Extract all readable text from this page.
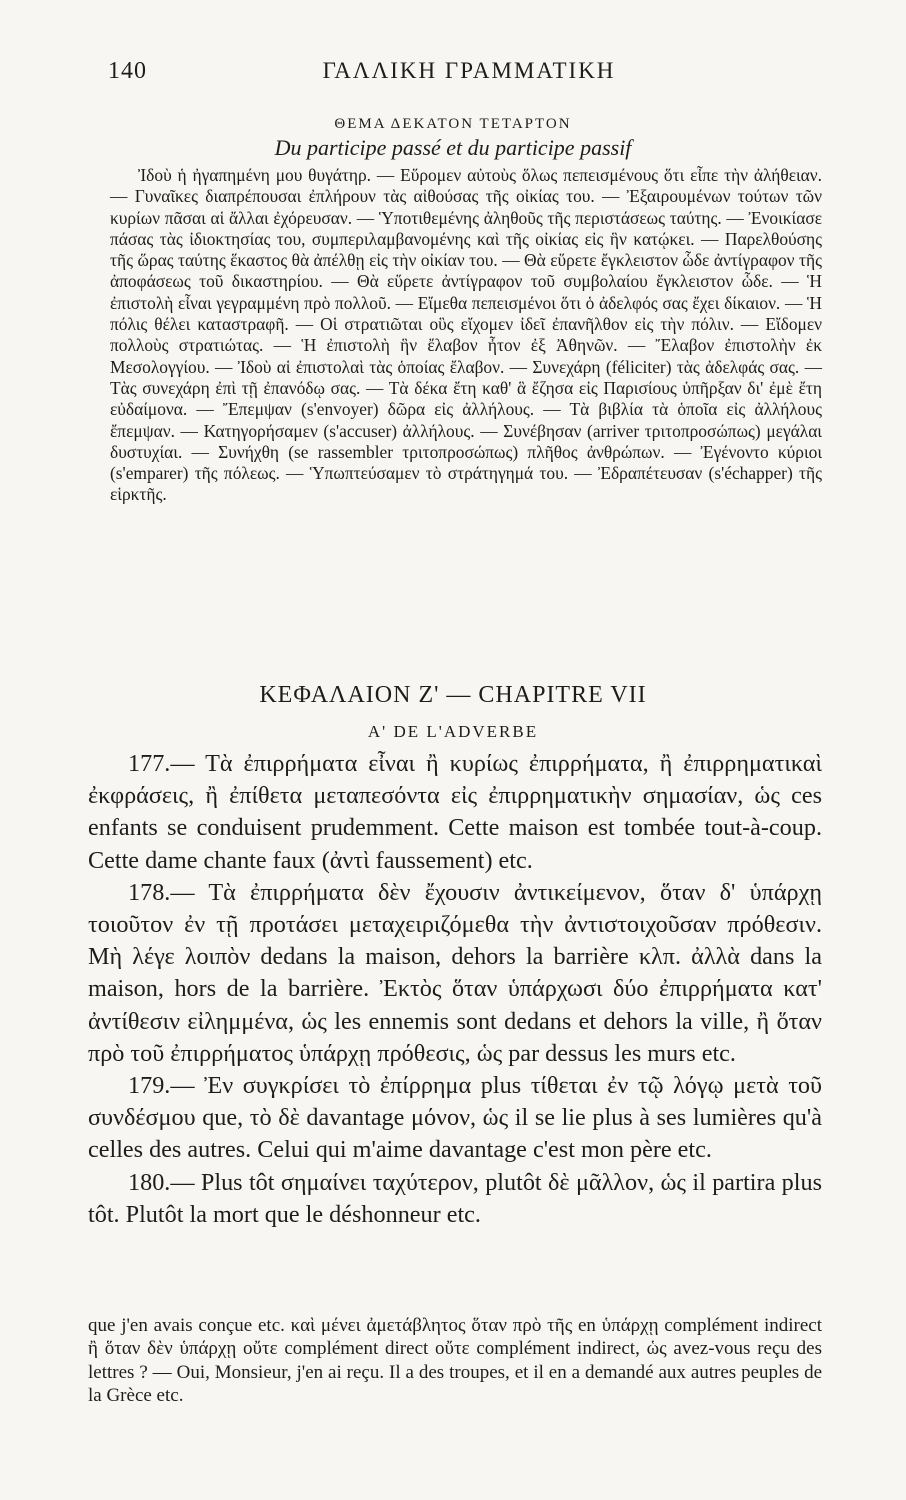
140	ΓΑΛΛΙΚΗ ΓΡΑΜΜΑΤΙΚΗ
ΘΕΜΑ ΔΕΚΑΤΟΝ ΤΕΤΑΡΤΟΝ
Du participe passé et du participe passif

Ἰδοὺ ἡ ἠγαπημένη μου θυγάτηρ. — Εὕρομεν αὐτοὺς ὅλως πεπεισμένους ὅτι εἶπε τὴν ἀλήθειαν. — Γυναῖκες διαπρέπουσαι ἐπλήρουν τὰς αἰθούσας τῆς οἰκίας του. — Ἐξαιρουμένων τούτων τῶν κυρίων πᾶσαι αἱ ἄλλαι ἐχόρευσαν. — Ὑποτιθεμένης ἀληθοῦς τῆς περιστάσεως ταύτης. — Ἐνοικίασε πάσας τὰς ἰδιοκτησίας του, συμπεριλαμβανομένης καὶ τῆς οἰκίας εἰς ἣν κατῴκει. — Παρελθούσης τῆς ὥρας ταύτης ἕκαστος θὰ ἀπέλθῃ εἰς τὴν οἰκίαν του. — Θὰ εὕρετε ἔγκλειστον ὧδε ἀντίγραφον τῆς ἀποφάσεως τοῦ δικαστηρίου. — Θὰ εὕρετε ἀντίγραφον τοῦ συμβολαίου ἔγκλειστον ὧδε. — Ἡ ἐπιστολὴ εἶναι γεγραμμένη πρὸ πολλοῦ. — Εἴμεθα πεπεισμένοι ὅτι ὁ ἀδελφός σας ἔχει δίκαιον. — Ἡ πόλις θέλει καταστραφῆ. — Οἱ στρατιῶται οὓς εἴχομεν ἰδεῖ ἐπανῆλθον εἰς τὴν πόλιν. — Εἴδομεν πολλοὺς στρατιώτας. — Ἡ ἐπιστολὴ ἣν ἔλαβον ἦτον ἐξ Ἀθηνῶν. — Ἔλαβον ἐπιστολὴν ἐκ Μεσολογγίου. — Ἰδοὺ αἱ ἐπιστολαὶ τὰς ὁποίας ἔλαβον. — Συνεχάρη (féliciter) τὰς ἀδελφάς σας. — Τὰς συνεχάρη ἐπὶ τῇ ἐπανόδῳ σας. — Τὰ δέκα ἔτη καθ' ἃ ἔζησα εἰς Παρισίους ὑπῆρξαν δι' ἐμὲ ἔτη εὐδαίμονα. — Ἔπεμψαν (s'envoyer) δῶρα εἰς ἀλλήλους. — Τὰ βιβλία τὰ ὁποῖα εἰς ἀλλήλους ἔπεμψαν. — Κατηγορήσαμεν (s'accuser) ἀλλήλους. — Συνέβησαν (arriver τριτοπροσώπως) μεγάλαι δυστυχίαι. — Συνήχθη (se rassembler τριτοπροσώπως) πλῆθος ἀνθρώπων. — Ἐγένοντο κύριοι (s'emparer) τῆς πόλεως. — Ὑπωπτεύσαμεν τὸ στράτηγημά του. — Ἐδραπέτευσαν (s'échapper) τῆς εἱρκτῆς.

ΚΕΦΑΛΑΙΟΝ Ζ' — CHAPITRE VII
Α' DE L'ADVERBE

177.— Τὰ ἐπιρρήματα εἶναι ἢ κυρίως ἐπιρρήματα, ἢ ἐπιρρηματικαὶ ἐκφράσεις, ἢ ἐπίθετα μεταπεσόντα εἰς ἐπιρρηματικὴν σημασίαν, ὡς ces enfants se conduisent prudemment. Cette maison est tombée tout-à-coup. Cette dame chante faux (ἀντὶ faussement) etc.

178.— Τὰ ἐπιρρήματα δὲν ἔχουσιν ἀντικείμενον, ὅταν δ' ὑπάρχῃ τοιοῦτον ἐν τῇ προτάσει μεταχειριζόμεθα τὴν ἀντιστοιχοῦσαν πρόθεσιν. Μὴ λέγε λοιπὸν dedans la maison, dehors la barrière κλπ. ἀλλὰ dans la maison, hors de la barrière. Ἐκτὸς ὅταν ὑπάρχωσι δύο ἐπιρρήματα κατ' ἀντίθεσιν εἰλημμένα, ὡς les ennemis sont dedans et dehors la ville, ἢ ὅταν πρὸ τοῦ ἐπιρρήματος ὑπάρχῃ πρόθεσις, ὡς par dessus les murs etc.

179.— Ἐν συγκρίσει τὸ ἐπίρρημα plus τίθεται ἐν τῷ λόγῳ μετὰ τοῦ συνδέσμου que, τὸ δὲ davantage μόνον, ὡς il se lie plus à ses lumières qu'à celles des autres. Celui qui m'aime davantage c'est mon père etc.

180.— Plus tôt σημαίνει ταχύτερον, plutôt δὲ μᾶλλον, ὡς il partira plus tôt. Plutôt la mort que le déshonneur etc.

que j'en avais conçue etc. καὶ μένει ἀμετάβλητος ὅταν πρὸ τῆς en ὑπάρχῃ complément indirect ἢ ὅταν δὲν ὑπάρχῃ οὔτε complément direct οὔτε complément indirect, ὡς avez-vous reçu des lettres ? — Oui, Monsieur, j'en ai reçu. Il a des troupes, et il en a demandé aux autres peuples de la Grèce etc.
